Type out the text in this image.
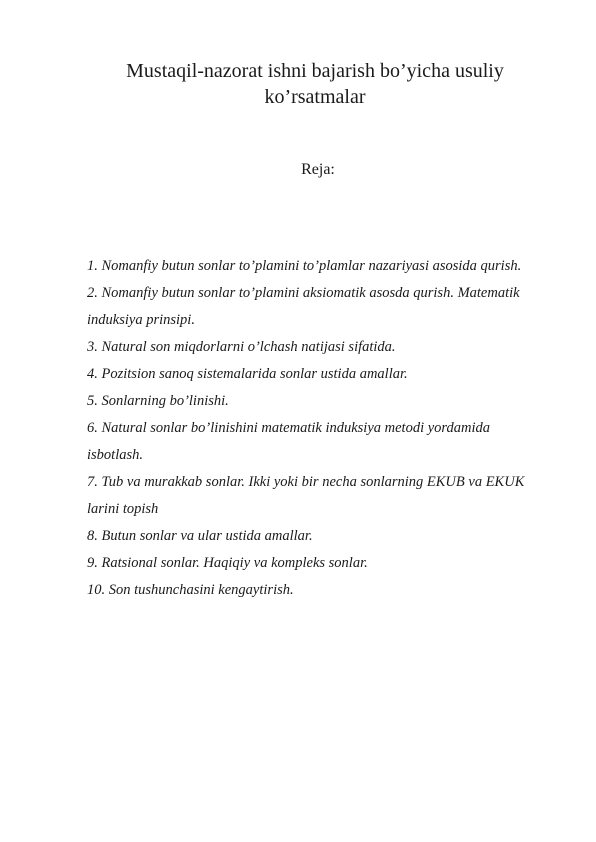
Mustaqil-nazorat ishni bajarish bo’yicha usuliy ko’rsatmalar

Reja:

1. Nomanfiy butun sonlar to’plamini to’plamlar nazariyasi asosida qurish.
2. Nomanfiy butun sonlar to’plamini aksiomatik asosda qurish. Matematik induksiya prinsipi.
3. Natural son miqdorlarni o’lchash natijasi sifatida.
4. Pozitsion sanoq sistemalarida sonlar ustida amallar.
5. Sonlarning bo’linishi.
6. Natural sonlar bo’linishini matematik induksiya metodi yordamida isbotlash.
7. Tub va murakkab sonlar. Ikki yoki bir necha sonlarning EKUB va EKUK larini topish
8. Butun sonlar va ular ustida amallar.
9. Ratsional sonlar. Haqiqiy va kompleks sonlar.
10. Son tushunchasini kengaytirish.
